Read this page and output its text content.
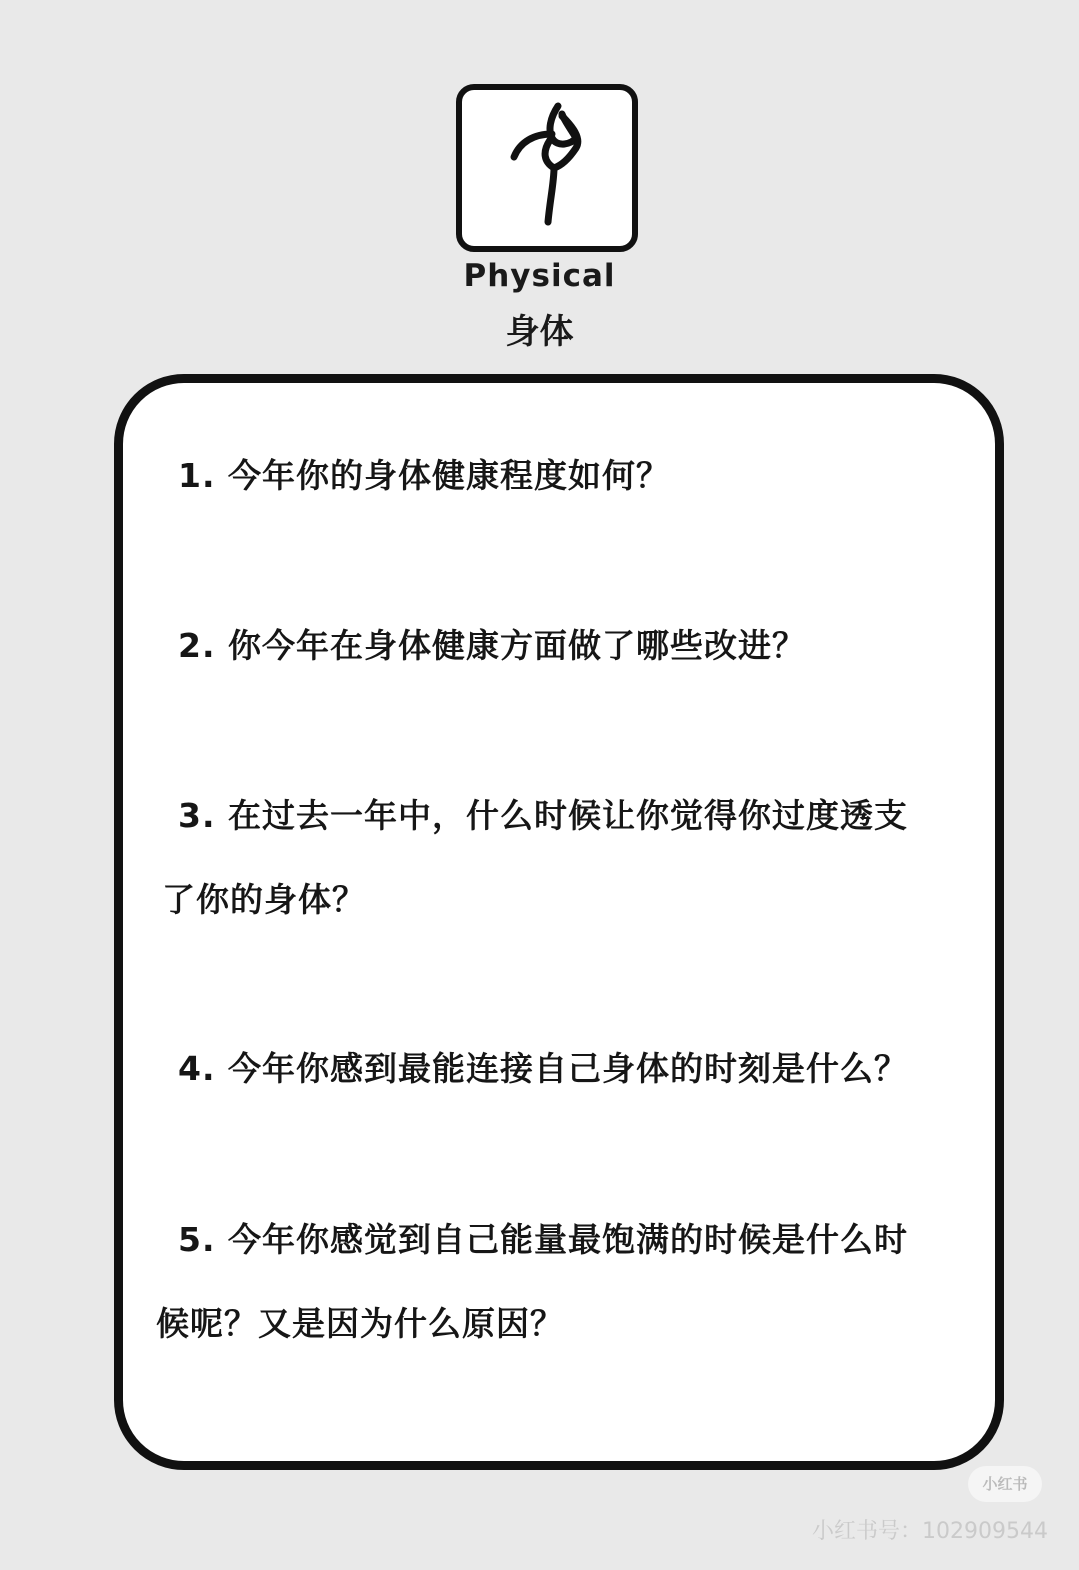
Physical
身体
1. 今年你的身体健康程度如何？
2. 你今年在身体健康方面做了哪些改进？
3. 在过去一年中，什么时候让你觉得你过度透支
了你的身体？
4. 今年你感到最能连接自己身体的时刻是什么？
5. 今年你感觉到自己能量最饱满的时候是什么时
候呢？又是因为什么原因？
小红书
小红书号：102909544
